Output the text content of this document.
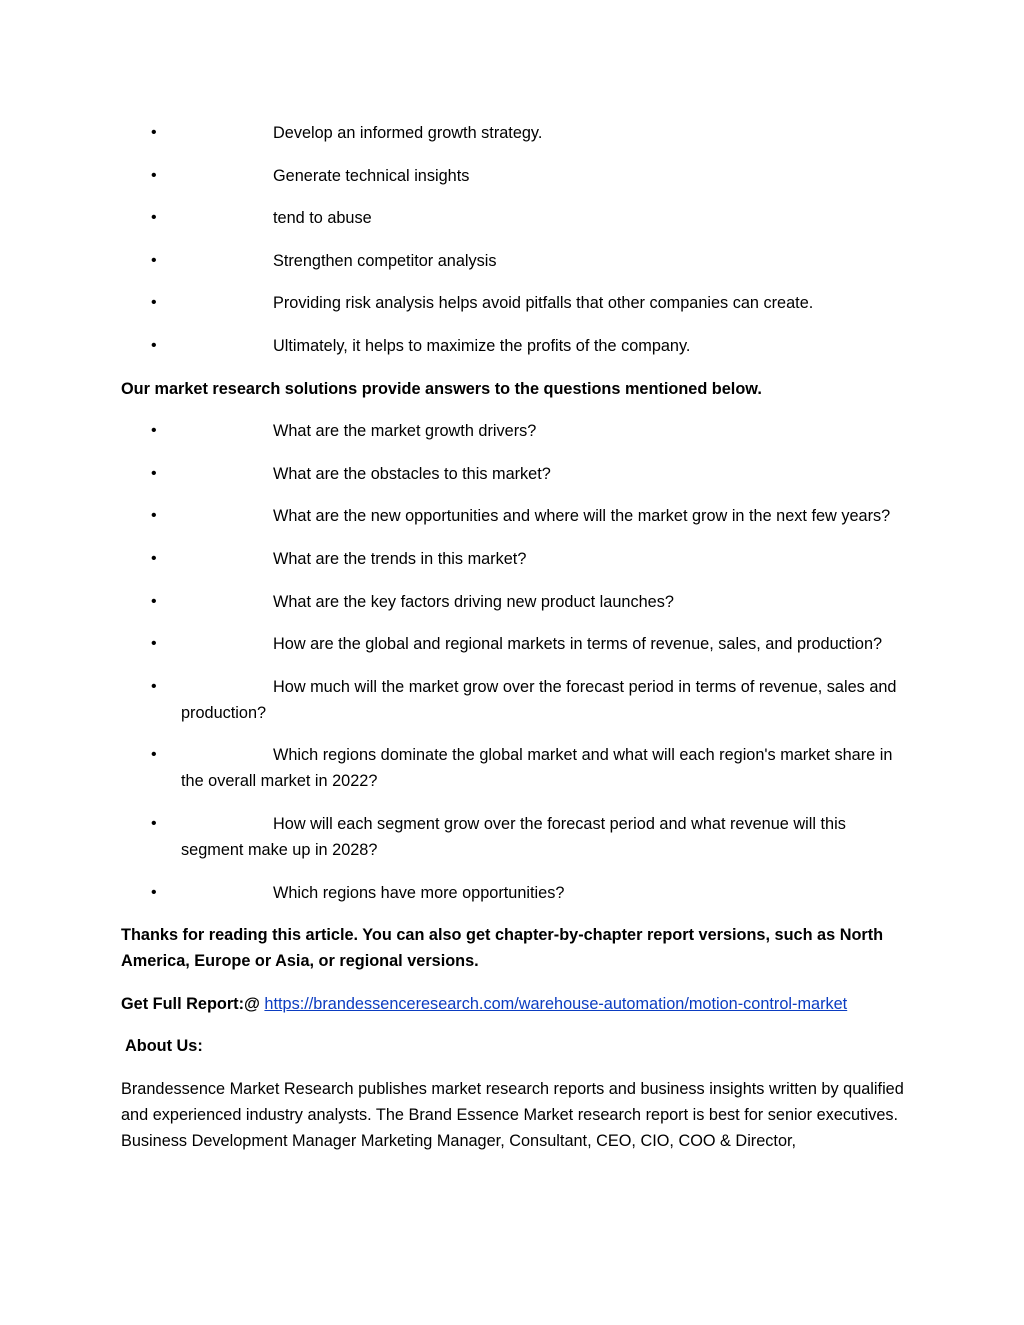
•	Develop an informed growth strategy.
•	Generate technical insights
•	tend to abuse
•	Strengthen competitor analysis
•	Providing risk analysis helps avoid pitfalls that other companies can create.
•	Ultimately, it helps to maximize the profits of the company.

Our market research solutions provide answers to the questions mentioned below.

•	What are the market growth drivers?
•	What are the obstacles to this market?
•	What are the new opportunities and where will the market grow in the next few years?
•	What are the trends in this market?
•	What are the key factors driving new product launches?
•	How are the global and regional markets in terms of revenue, sales, and production?
•	How much will the market grow over the forecast period in terms of revenue, sales and production?
•	Which regions dominate the global market and what will each region's market share in the overall market in 2022?
•	How will each segment grow over the forecast period and what revenue will this segment make up in 2028?
•	Which regions have more opportunities?

Thanks for reading this article. You can also get chapter-by-chapter report versions, such as North America, Europe or Asia, or regional versions.

Get Full Report:@ https://brandessenceresearch.com/warehouse-automation/motion-control-market

About Us:

Brandessence Market Research publishes market research reports and business insights written by qualified and experienced industry analysts. The Brand Essence Market research report is best for senior executives. Business Development Manager Marketing Manager, Consultant, CEO, CIO, COO & Director,
